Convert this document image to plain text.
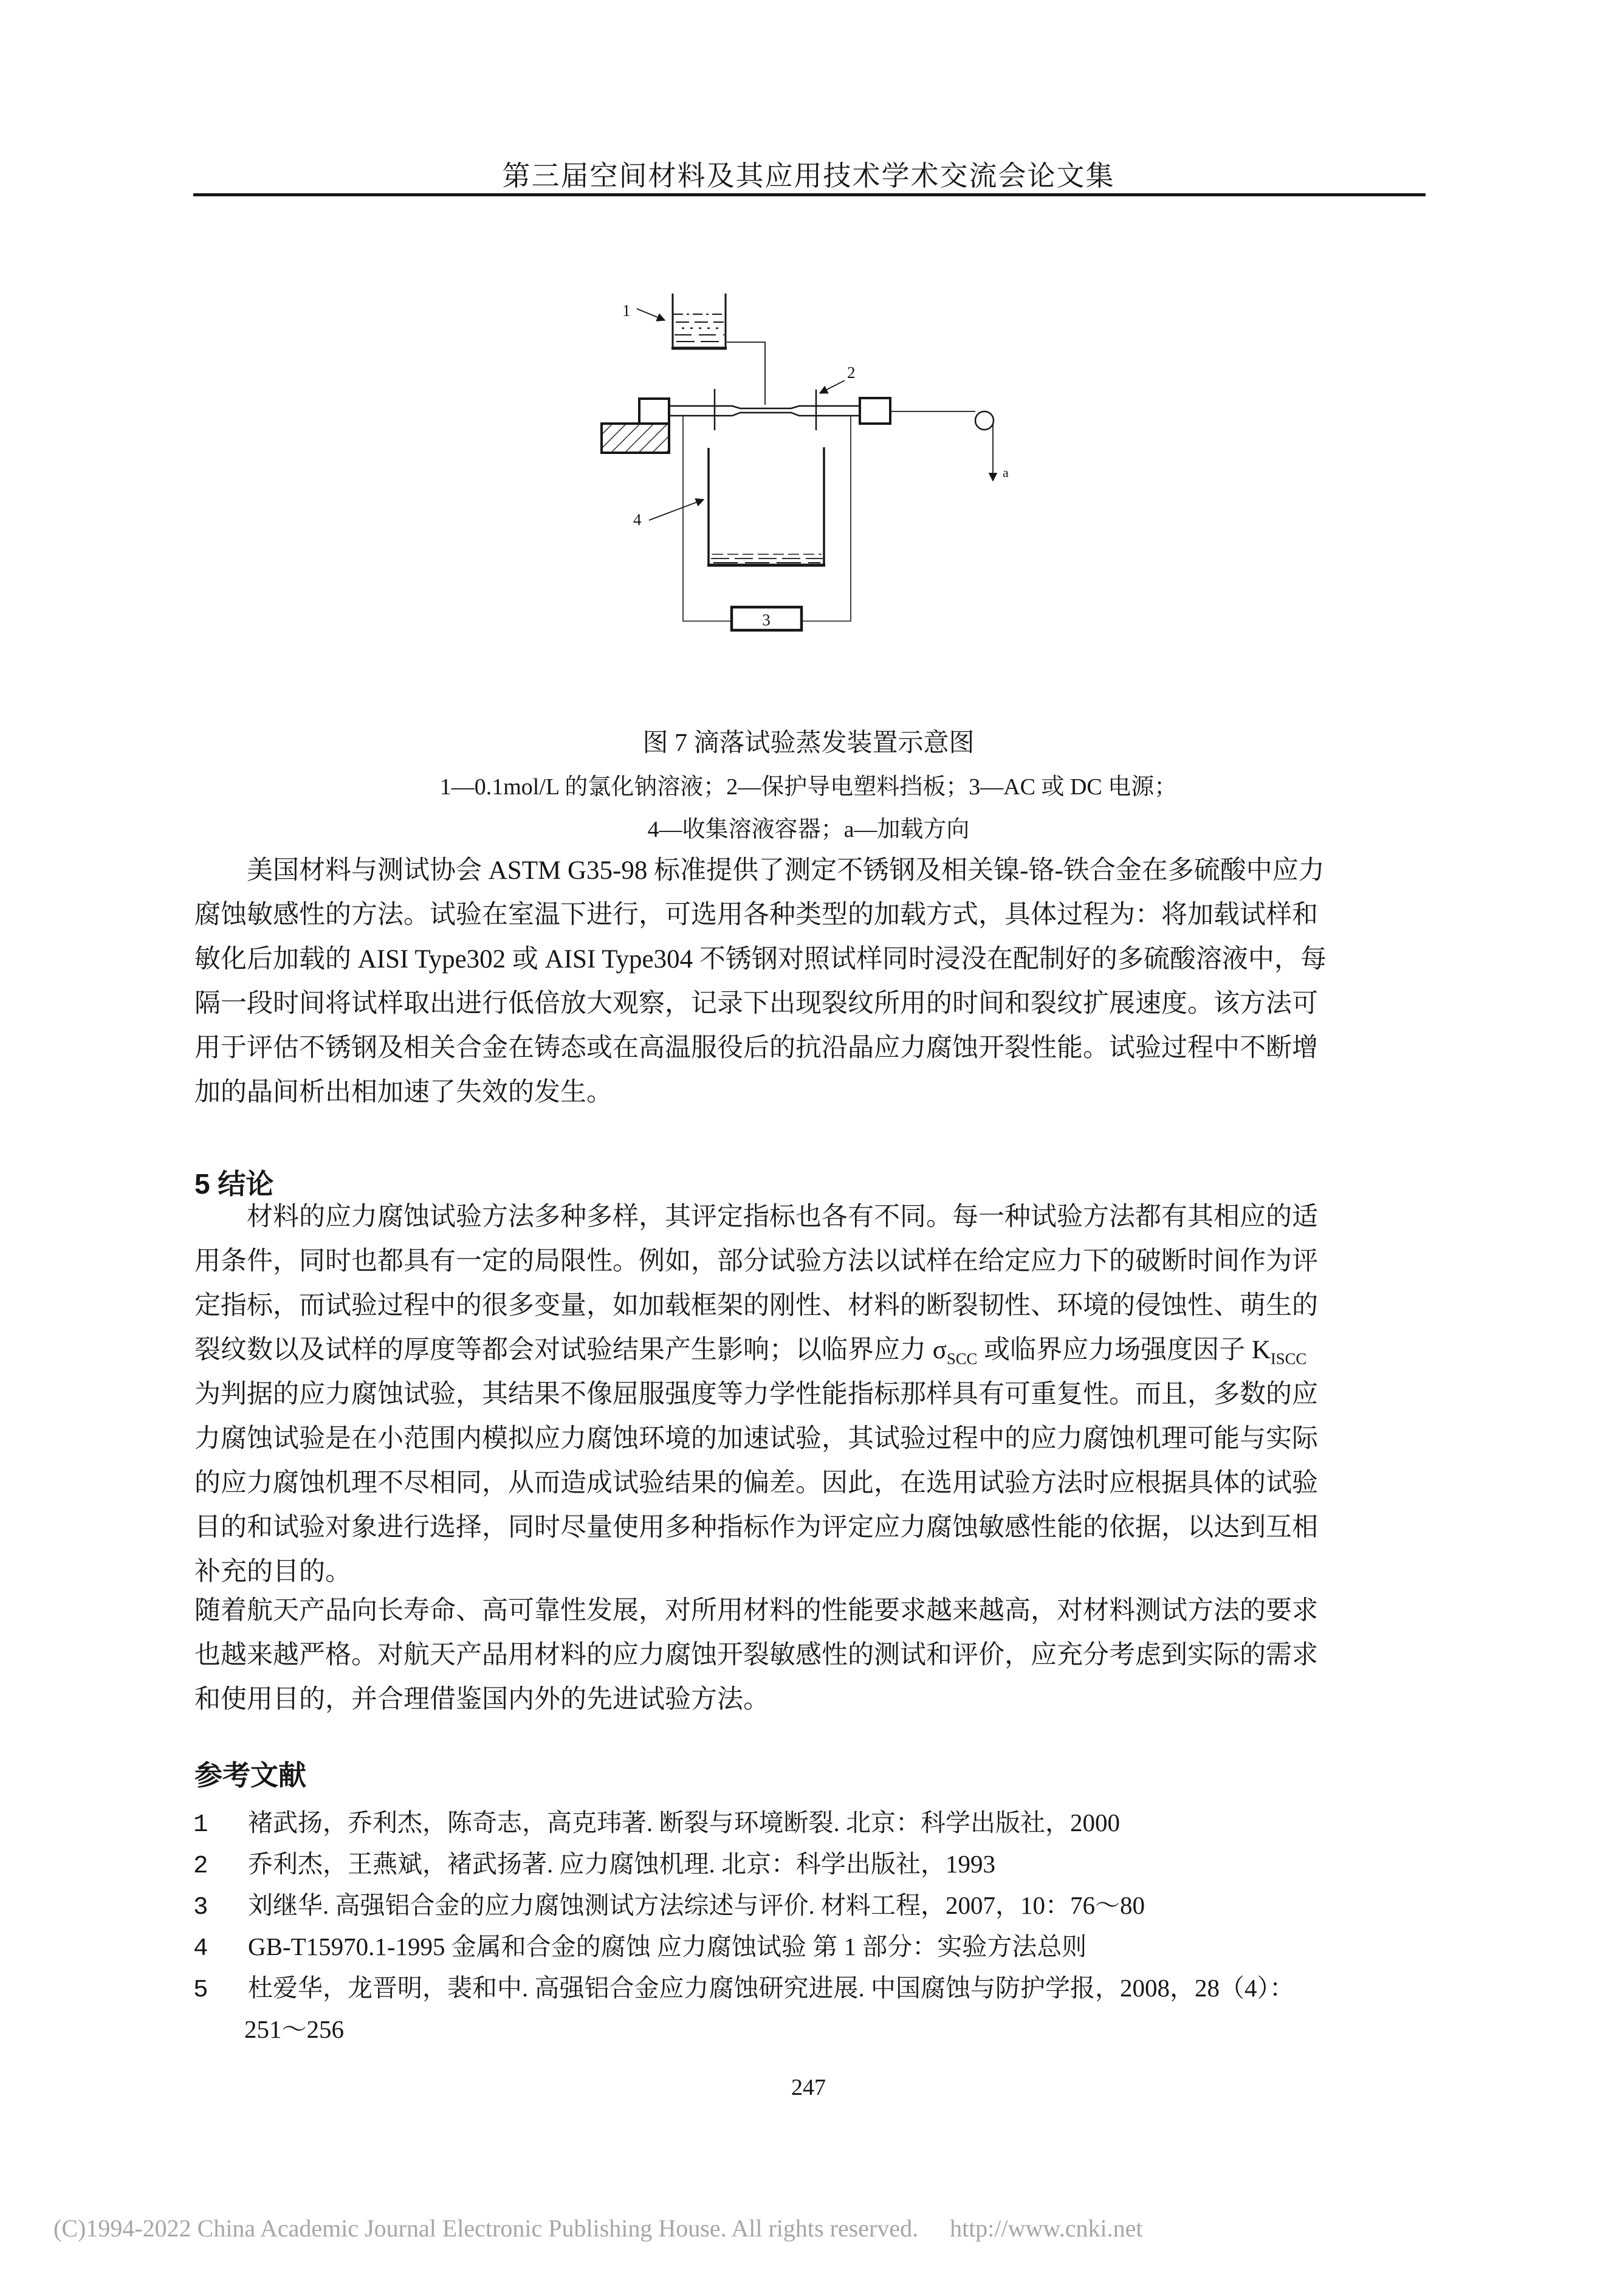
第三届空间材料及其应用技术学术交流会论文集
1
2
a
4
3
图 7 滴落试验蒸发装置示意图
1—0.1mol/L 的氯化钠溶液；2—保护导电塑料挡板；3—AC 或 DC 电源；
4—收集溶液容器；a—加载方向
美国材料与测试协会 ASTM G35-98 标准提供了测定不锈钢及相关镍-铬-铁合金在多硫酸中应力
腐蚀敏感性的方法。试验在室温下进行，可选用各种类型的加载方式，具体过程为：将加载试样和
敏化后加载的 AISI Type302 或 AISI Type304 不锈钢对照试样同时浸没在配制好的多硫酸溶液中，每
隔一段时间将试样取出进行低倍放大观察，记录下出现裂纹所用的时间和裂纹扩展速度。该方法可
用于评估不锈钢及相关合金在铸态或在高温服役后的抗沿晶应力腐蚀开裂性能。试验过程中不断增
加的晶间析出相加速了失效的发生。
5 结论
材料的应力腐蚀试验方法多种多样，其评定指标也各有不同。每一种试验方法都有其相应的适
用条件，同时也都具有一定的局限性。例如，部分试验方法以试样在给定应力下的破断时间作为评
定指标，而试验过程中的很多变量，如加载框架的刚性、材料的断裂韧性、环境的侵蚀性、萌生的
裂纹数以及试样的厚度等都会对试验结果产生影响；以临界应力 $\sigma_{SCC}$ 或临界应力场强度因子 $K_{ISCC}$
为判据的应力腐蚀试验，其结果不像屈服强度等力学性能指标那样具有可重复性。而且，多数的应
力腐蚀试验是在小范围内模拟应力腐蚀环境的加速试验，其试验过程中的应力腐蚀机理可能与实际
的应力腐蚀机理不尽相同，从而造成试验结果的偏差。因此，在选用试验方法时应根据具体的试验
目的和试验对象进行选择，同时尽量使用多种指标作为评定应力腐蚀敏感性能的依据，以达到互相
补充的目的。
随着航天产品向长寿命、高可靠性发展，对所用材料的性能要求越来越高，对材料测试方法的要求
也越来越严格。对航天产品用材料的应力腐蚀开裂敏感性的测试和评价，应充分考虑到实际的需求
和使用目的，并合理借鉴国内外的先进试验方法。
参考文献
1 褚武扬，乔利杰，陈奇志，高克玮著. 断裂与环境断裂. 北京：科学出版社，2000
2 乔利杰，王燕斌，褚武扬著. 应力腐蚀机理. 北京：科学出版社，1993
3 刘继华. 高强铝合金的应力腐蚀测试方法综述与评价. 材料工程，2007，10：76～80
4 GB-T15970.1-1995 金属和合金的腐蚀 应力腐蚀试验 第 1 部分：实验方法总则
5 杜爱华，龙晋明，裴和中. 高强铝合金应力腐蚀研究进展. 中国腐蚀与防护学报，2008，28（4）：
251～256
247
(C)1994-2022 China Academic Journal Electronic Publishing House. All rights reserved. http://www.cnki.net
